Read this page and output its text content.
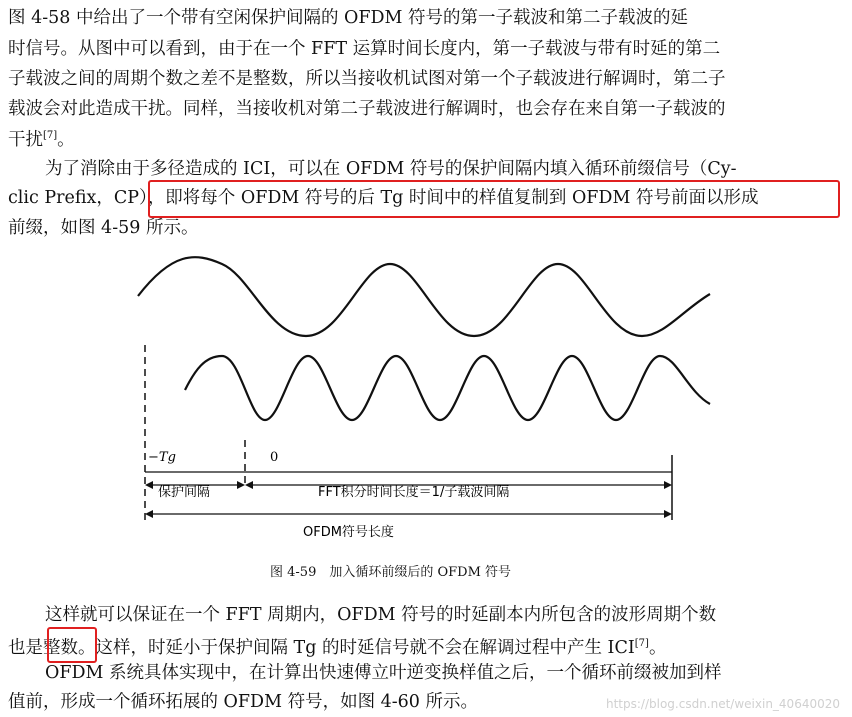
图 4-58 中给出了一个带有空闲保护间隔的 OFDM 符号的第一子载波和第二子载波的延
时信号。从图中可以看到，由于在一个 FFT 运算时间长度内，第一子载波与带有时延的第二
子载波之间的周期个数之差不是整数，所以当接收机试图对第一个子载波进行解调时，第二子
载波会对此造成干扰。同样，当接收机对第二子载波进行解调时，也会存在来自第一子载波的
干扰[7]。
为了消除由于多径造成的 ICI，可以在 OFDM 符号的保护间隔内填入循环前缀信号（Cy-
clic Prefix，CP），即将每个 OFDM 符号的后 Tg 时间中的样值复制到 OFDM 符号前面以形成
前缀，如图 4-59 所示。
−Tg	0
保护间隔	FFT积分时间长度＝1/子载波间隔
OFDM符号长度
图 4-59　加入循环前缀后的 OFDM 符号
这样就可以保证在一个 FFT 周期内，OFDM 符号的时延副本内所包含的波形周期个数
也是整数。这样，时延小于保护间隔 Tg 的时延信号就不会在解调过程中产生 ICI[7]。
OFDM 系统具体实现中，在计算出快速傅立叶逆变换样值之后，一个循环前缀被加到样
值前，形成一个循环拓展的 OFDM 符号，如图 4-60 所示。	https://blog.csdn.net/weixin_40640020
